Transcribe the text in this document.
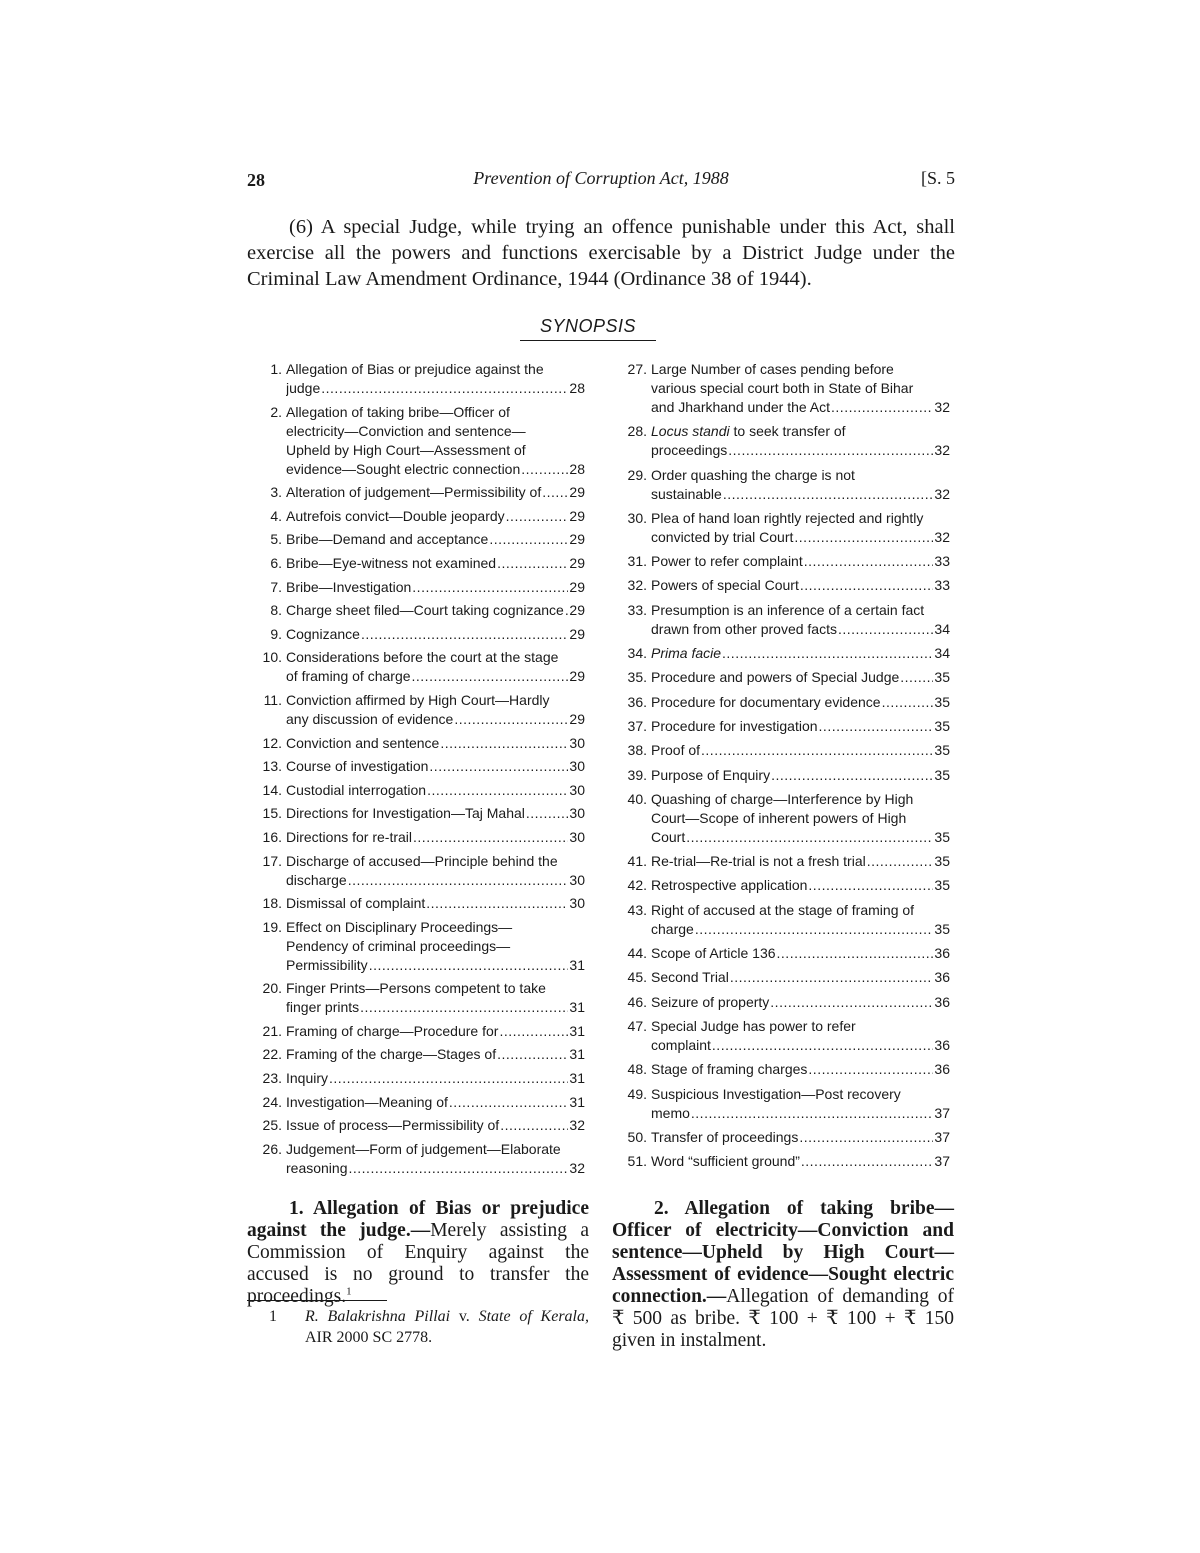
28	Prevention of Corruption Act, 1988	[S. 5

(6) A special Judge, while trying an offence punishable under this Act, shall exercise all the powers and functions exercisable by a District Judge under the Criminal Law Amendment Ordinance, 1944 (Ordinance 38 of 1944).

SYNOPSIS
1. Allegation of Bias or prejudice against the
judge .....	28
2. Allegation of taking bribe—Officer of
electricity—Conviction and sentence—
Upheld by High Court—Assessment of
evidence—Sought electric connection .....	28
3. Alteration of judgement—Permissibility of ..... 29
4. Autrefois convict—Double jeopardy .....	29
5. Bribe—Demand and acceptance .....	29
6. Bribe—Eye-witness not examined .....	29
7. Bribe—Investigation .....	29
8. Charge sheet filed—Court taking cognizance ..... 29
9. Cognizance .....	29
10. Considerations before the court at the stage
of framing of charge .....	29
11. Conviction affirmed by High Court—Hardly
any discussion of evidence .....	29
12. Conviction and sentence .....	30
13. Course of investigation .....	30
14. Custodial interrogation .....	30
15. Directions for Investigation—Taj Mahal .....	30
16. Directions for re-trail .....	30
17. Discharge of accused—Principle behind the
discharge .....	30
18. Dismissal of complaint .....	30
19. Effect on Disciplinary Proceedings—
Pendency of criminal proceedings—
Permissibility .....	31
20. Finger Prints—Persons competent to take
finger prints .....	31
21. Framing of charge—Procedure for .....	31
22. Framing of the charge—Stages of .....	31
23. Inquiry .....	31
24. Investigation—Meaning of .....	31
25. Issue of process—Permissibility of .....	32
26. Judgement—Form of judgement—Elaborate
reasoning .....	32
27. Large Number of cases pending before
various special court both in State of Bihar
and Jharkhand under the Act .....	32
28. Locus standi to seek transfer of
proceedings .....	32
29. Order quashing the charge is not
sustainable .....	32
30. Plea of hand loan rightly rejected and rightly
convicted by trial Court .....	32
31. Power to refer complaint .....	33
32. Powers of special Court .....	33
33. Presumption is an inference of a certain fact
drawn from other proved facts .....	34
34. Prima facie .....	34
35. Procedure and powers of Special Judge .....	35
36. Procedure for documentary evidence .....	35
37. Procedure for investigation .....	35
38. Proof of .....	35
39. Purpose of Enquiry .....	35
40. Quashing of charge—Interference by High
Court—Scope of inherent powers of High
Court .....	35
41. Re-trial—Re-trial is not a fresh trial .....	35
42. Retrospective application .....	35
43. Right of accused at the stage of framing of
charge .....	35
44. Scope of Article 136 .....	36
45. Second Trial .....	36
46. Seizure of property .....	36
47. Special Judge has power to refer
complaint .....	36
48. Stage of framing charges .....	36
49. Suspicious Investigation—Post recovery
memo .....	37
50. Transfer of proceedings .....	37
51. Word “sufficient ground” .....	37

1. Allegation of Bias or prejudice against the judge.—Merely assisting a Commission of Enquiry against the accused is no ground to transfer the proceedings.$^1$

1 R. Balakrishna Pillai v. State of Kerala, AIR 2000 SC 2778.

2. Allegation of taking bribe—Officer of electricity—Conviction and sentence—Upheld by High Court—Assessment of evidence—Sought electric connection.—Allegation of demanding of ₹ 500 as bribe. ₹ 100 + ₹ 100 + ₹ 150 given in instalment.
